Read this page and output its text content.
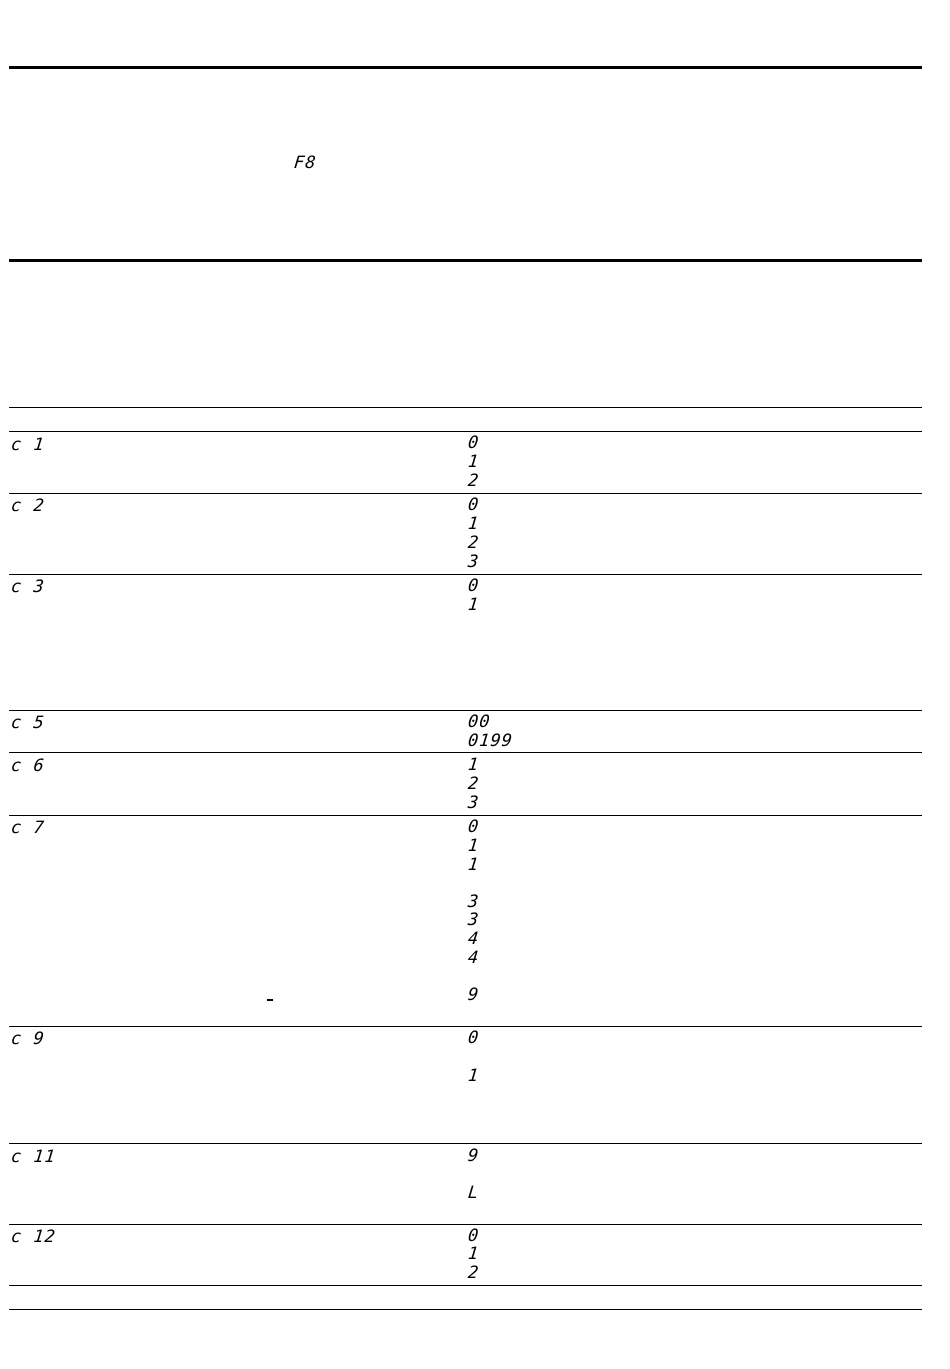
F8
c 1	0
1
2
c 2	0
1
2
3
c 3	0
1
c 5	00
0199
c 6	1
2
3
c 7	0
1
1
3
3
4
4
9
c 9	0
1
c 11	9
L
c 12	0
1
2
